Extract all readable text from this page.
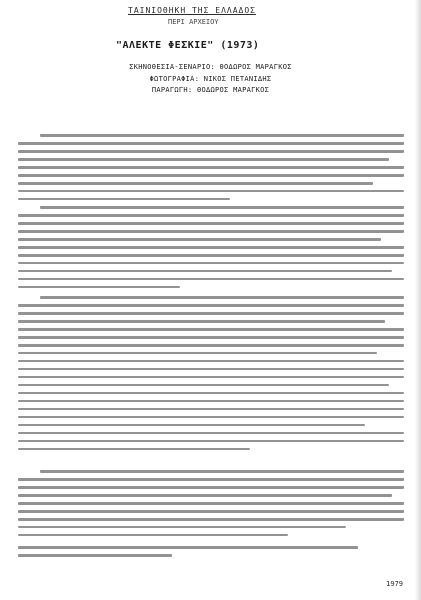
ΤΑΙΝΙΟΘΗΚΗ ΤΗΣ ΕΛΛΑΔΟΣ
ΠΕΡΙ ΑΡΧΕΙΟΥ
"ΑΛΕΚΤΕ ΦΕΣΚΙΕ" (1973)
ΣΚΗΝΟΘΕΣΙΑ-ΣΕΝΑΡΙΟ: ΘΟΔΩΡΟΣ ΜΑΡΑΓΚΟΣ
ΦΩΤΟΓΡΑΦΙΑ: ΝΙΚΟΣ ΠΕΤΑΝΙΔΗΣ
ΠΑΡΑΓΩΓΗ: ΘΟΔΩΡΟΣ ΜΑΡΑΓΚΟΣ
1979
